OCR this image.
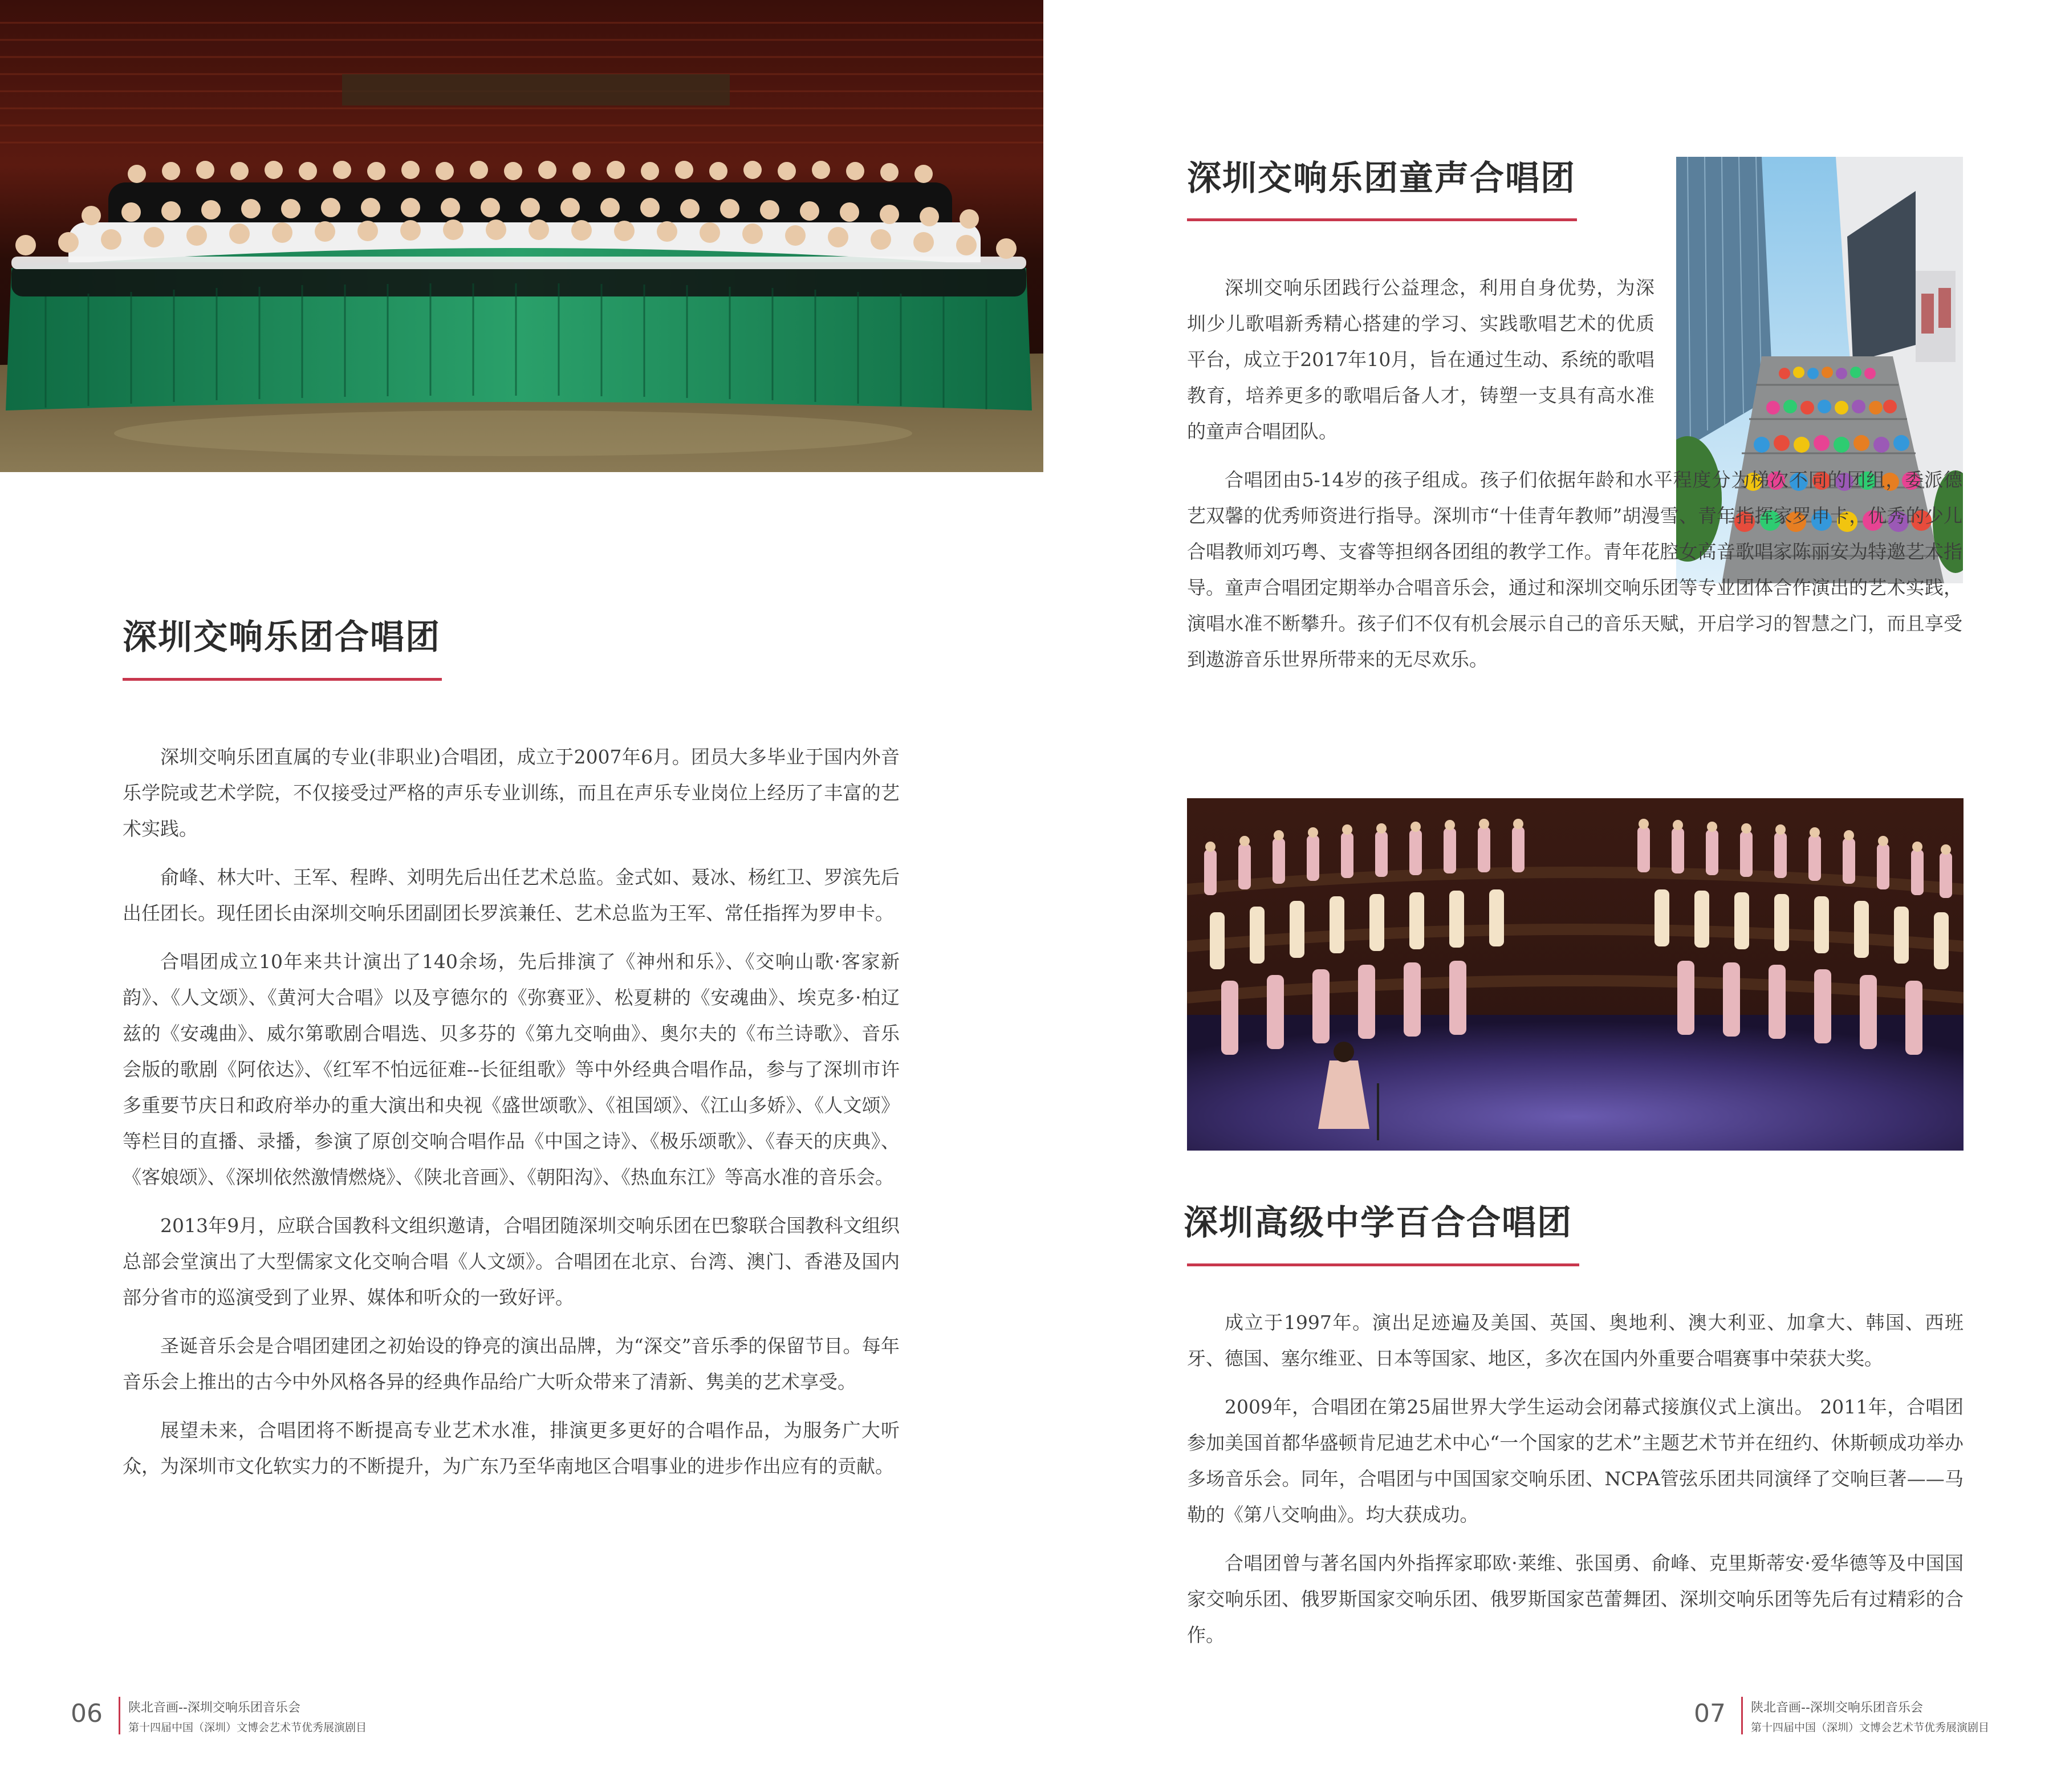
深圳交响乐团合唱团

深圳交响乐团直属的专业(非职业)合唱团，成立于2007年6月。团员大多毕业于国内外音乐学院或艺术学院，不仅接受过严格的声乐专业训练，而且在声乐专业岗位上经历了丰富的艺术实践。

俞峰、林大叶、王军、程晔、刘明先后出任艺术总监。金式如、聂冰、杨红卫、罗滨先后出任团长。现任团长由深圳交响乐团副团长罗滨兼任、艺术总监为王军、常任指挥为罗申卡。

合唱团成立10年来共计演出了140余场，先后排演了《神州和乐》、《交响山歌·客家新韵》、《人文颂》、《黄河大合唱》以及亨德尔的《弥赛亚》、松夏耕的《安魂曲》、埃克多·柏辽兹的《安魂曲》、威尔第歌剧合唱选、贝多芬的《第九交响曲》、奥尔夫的《布兰诗歌》、音乐会版的歌剧《阿依达》、《红军不怕远征难--长征组歌》等中外经典合唱作品，参与了深圳市许多重要节庆日和政府举办的重大演出和央视《盛世颂歌》、《祖国颂》、《江山多娇》、《人文颂》等栏目的直播、录播，参演了原创交响合唱作品《中国之诗》、《极乐颂歌》、《春天的庆典》、《客娘颂》、《深圳依然激情燃烧》、《陕北音画》、《朝阳沟》、《热血东江》等高水准的音乐会。

2013年9月，应联合国教科文组织邀请，合唱团随深圳交响乐团在巴黎联合国教科文组织总部会堂演出了大型儒家文化交响合唱《人文颂》。合唱团在北京、台湾、澳门、香港及国内部分省市的巡演受到了业界、媒体和听众的一致好评。

圣诞音乐会是合唱团建团之初始设的铮亮的演出品牌，为“深交”音乐季的保留节目。每年音乐会上推出的古今中外风格各异的经典作品给广大听众带来了清新、隽美的艺术享受。

展望未来，合唱团将不断提高专业艺术水准，排演更多更好的合唱作品，为服务广大听众，为深圳市文化软实力的不断提升，为广东乃至华南地区合唱事业的进步作出应有的贡献。

06 陕北音画--深圳交响乐团音乐会
第十四届中国（深圳）文博会艺术节优秀展演剧目
深圳交响乐团童声合唱团

深圳交响乐团践行公益理念，利用自身优势，为深圳少儿歌唱新秀精心搭建的学习、实践歌唱艺术的优质平台，成立于2017年10月，旨在通过生动、系统的歌唱教育，培养更多的歌唱后备人才，铸塑一支具有高水准的童声合唱团队。

合唱团由5-14岁的孩子组成。孩子们依据年龄和水平程度分为梯次不同的团组，委派德艺双馨的优秀师资进行指导。深圳市“十佳青年教师”胡漫雪、青年指挥家罗申卡，优秀的少儿合唱教师刘巧粤、支睿等担纲各团组的教学工作。青年花腔女高音歌唱家陈丽安为特邀艺术指导。童声合唱团定期举办合唱音乐会，通过和深圳交响乐团等专业团体合作演出的艺术实践，演唱水准不断攀升。孩子们不仅有机会展示自己的音乐天赋，开启学习的智慧之门，而且享受到遨游音乐世界所带来的无尽欢乐。

深圳高级中学百合合唱团

成立于1997年。演出足迹遍及美国、英国、奥地利、澳大利亚、加拿大、韩国、西班牙、德国、塞尔维亚、日本等国家、地区，多次在国内外重要合唱赛事中荣获大奖。

2009年，合唱团在第25届世界大学生运动会闭幕式接旗仪式上演出。 2011年，合唱团参加美国首都华盛顿肯尼迪艺术中心“一个国家的艺术”主题艺术节并在纽约、休斯顿成功举办多场音乐会。同年，合唱团与中国国家交响乐团、NCPA管弦乐团共同演绎了交响巨著——马勒的《第八交响曲》。均大获成功。

合唱团曾与著名国内外指挥家耶欧·莱维、张国勇、俞峰、克里斯蒂安·爱华德等及中国国家交响乐团、俄罗斯国家交响乐团、俄罗斯国家芭蕾舞团、深圳交响乐团等先后有过精彩的合作。

07 陕北音画--深圳交响乐团音乐会
第十四届中国（深圳）文博会艺术节优秀展演剧目
